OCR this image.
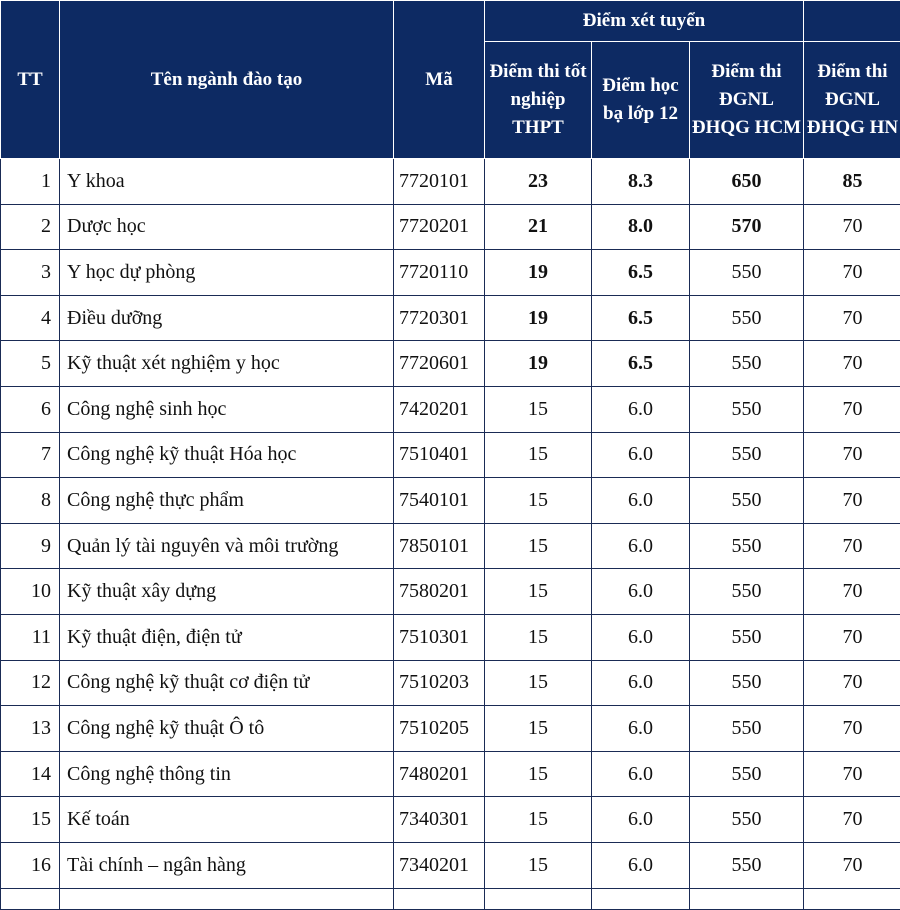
TT	Tên ngành đào tạo	Mã	Điểm xét tuyển			
			Điểm thi tốt nghiệp THPT	Điểm học bạ lớp 12	Điểm thi ĐGNL ĐHQG HCM	Điểm thi ĐGNL ĐHQG HN
1	Y khoa	7720101	23	8.3	650	85
2	Dược học	7720201	21	8.0	570	70
3	Y học dự phòng	7720110	19	6.5	550	70
4	Điều dưỡng	7720301	19	6.5	550	70
5	Kỹ thuật xét nghiệm y học	7720601	19	6.5	550	70
6	Công nghệ sinh học	7420201	15	6.0	550	70
7	Công nghệ kỹ thuật Hóa học	7510401	15	6.0	550	70
8	Công nghệ thực phẩm	7540101	15	6.0	550	70
9	Quản lý tài nguyên và môi trường	7850101	15	6.0	550	70
10	Kỹ thuật xây dựng	7580201	15	6.0	550	70
11	Kỹ thuật điện, điện tử	7510301	15	6.0	550	70
12	Công nghệ kỹ thuật cơ điện tử	7510203	15	6.0	550	70
13	Công nghệ kỹ thuật Ô tô	7510205	15	6.0	550	70
14	Công nghệ thông tin	7480201	15	6.0	550	70
15	Kế toán	7340301	15	6.0	550	70
16	Tài chính – ngân hàng	7340201	15	6.0	550	70
